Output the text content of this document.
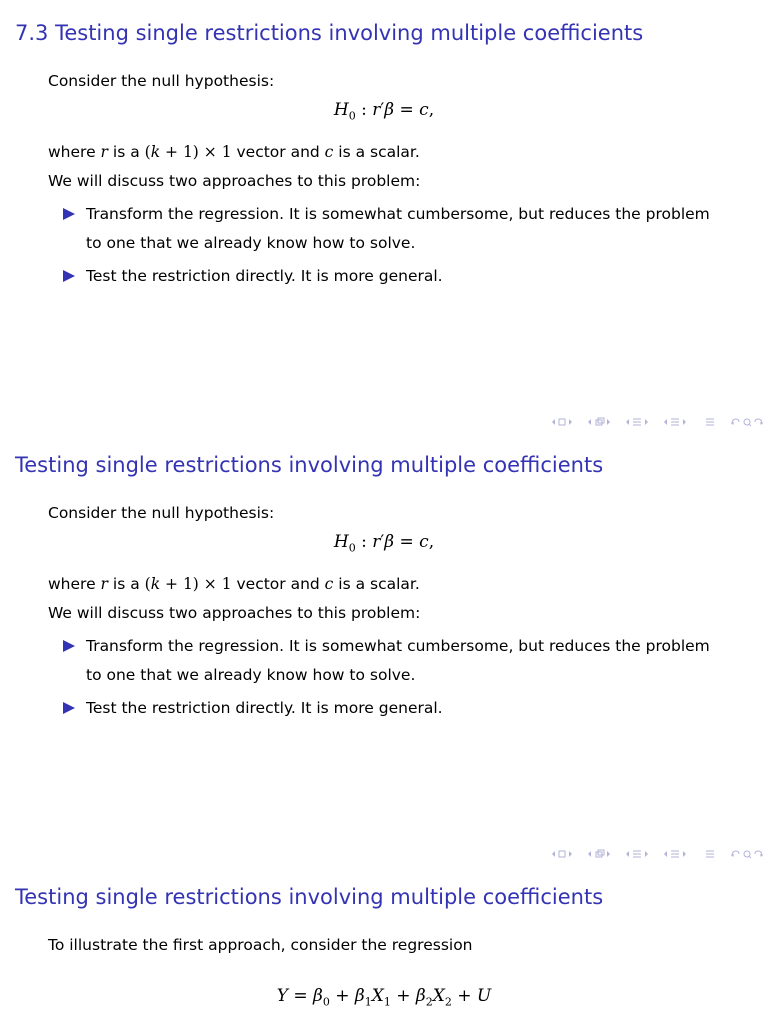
7.3 Testing single restrictions involving multiple coefficients
Consider the null hypothesis:
$H_0$ : r′β = c,
where r is a (k + 1) × 1 vector and c is a scalar.
We will discuss two approaches to this problem:
Transform the regression. It is somewhat cumbersome, but reduces the problem
to one that we already know how to solve.
Test the restriction directly. It is more general.
Testing single restrictions involving multiple coefficients
Consider the null hypothesis:
$H_0$ : r′β = c,
where r is a (k + 1) × 1 vector and c is a scalar.
We will discuss two approaches to this problem:
Transform the regression. It is somewhat cumbersome, but reduces the problem
to one that we already know how to solve.
Test the restriction directly. It is more general.
Testing single restrictions involving multiple coefficients
To illustrate the first approach, consider the regression
$Y = \beta_0 + \beta_1X_1 + \beta_2X_2 + U$
